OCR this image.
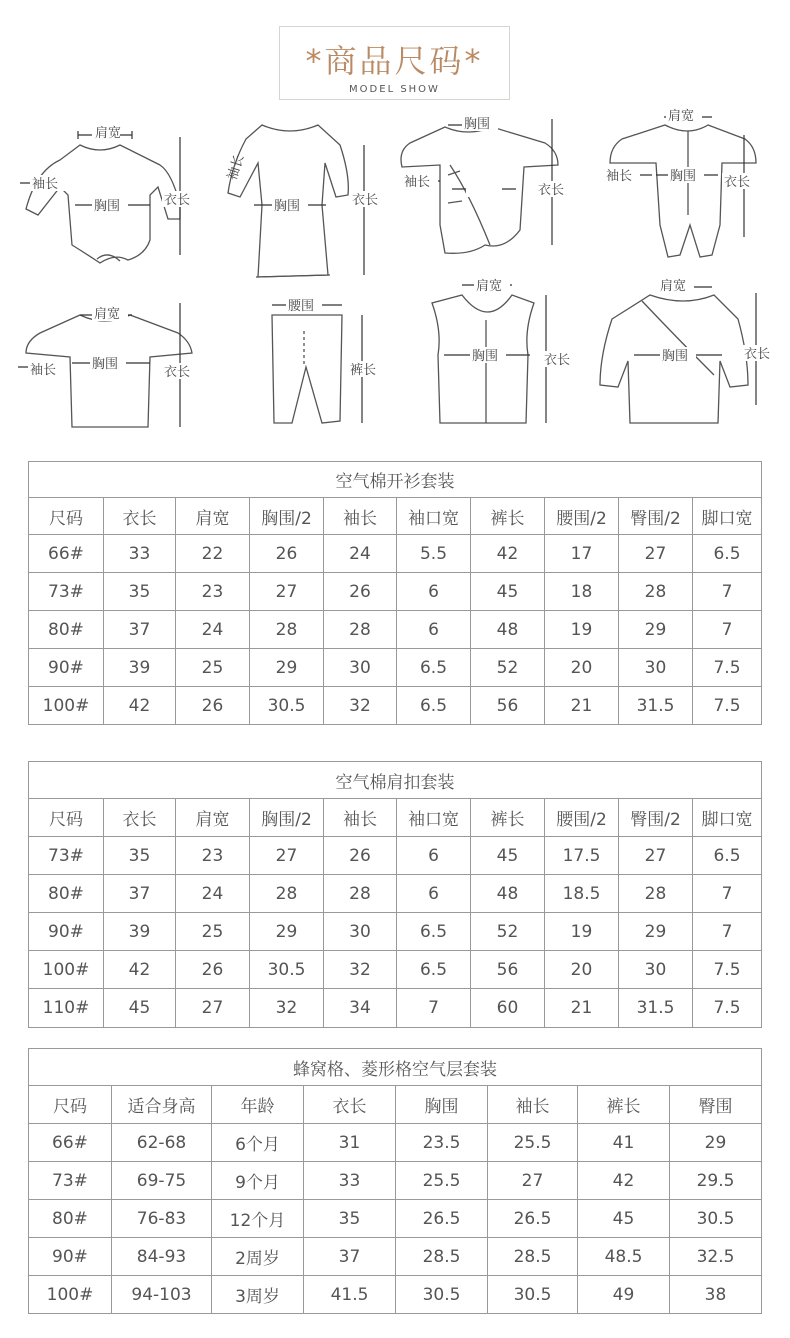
*商品尺码*
MODEL SHOW
肩宽
袖长
胸围	衣长
袖长
胸围	衣长
胸围
袖长
衣长
肩宽
袖长	胸围 衣长
肩宽
袖长	胸围
衣长
腰围
裤长
肩宽
胸围	衣长
肩宽
胸围	衣长
空气棉开衫套装									
尺码	衣长	肩宽	胸围/2	袖长	袖口宽	裤长	腰围/2	臀围/2	脚口宽
66#	33	22	26	24	5.5	42	17	27	6.5
73#	35	23	27	26	6	45	18	28	7
80#	37	24	28	28	6	48	19	29	7
90#	39	25	29	30	6.5	52	20	30	7.5
100#	42	26	30.5	32	6.5	56	21	31.5	7.5
空气棉肩扣套装									
尺码	衣长	肩宽	胸围/2	袖长	袖口宽	裤长	腰围/2	臀围/2	脚口宽
73#	35	23	27	26	6	45	17.5	27	6.5
80#	37	24	28	28	6	48	18.5	28	7
90#	39	25	29	30	6.5	52	19	29	7
100#	42	26	30.5	32	6.5	56	20	30	7.5
110#	45	27	32	34	7	60	21	31.5	7.5
蜂窝格、菱形格空气层套装							
尺码	适合身高	年龄	衣长	胸围	袖长	裤长	臀围
66#	62-68	6个月	31	23.5	25.5	41	29
73#	69-75	9个月	33	25.5	27	42	29.5
80#	76-83	12个月	35	26.5	26.5	45	30.5
90#	84-93	2周岁	37	28.5	28.5	48.5	32.5
100#	94-103	3周岁	41.5	30.5	30.5	49	38
